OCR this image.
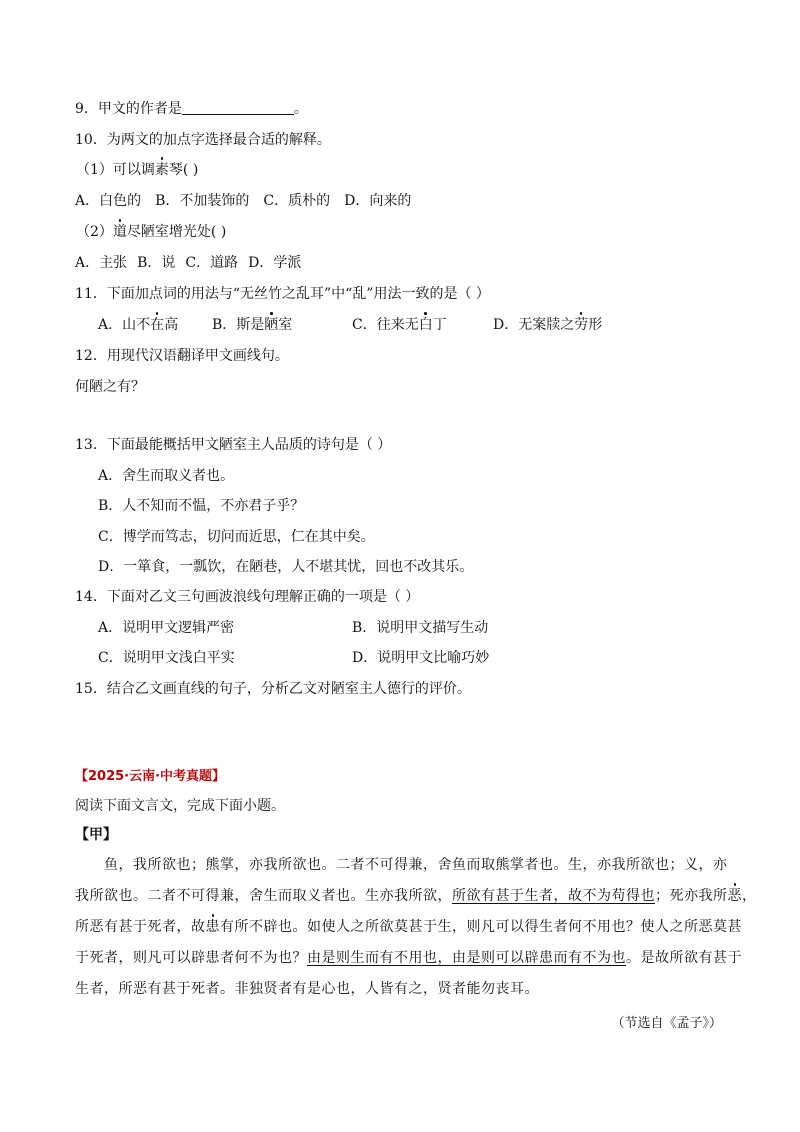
9．甲文的作者是	。
10．为两文的加点字选择最合适的解释。
（1）可以调素琴( )
A．白色的 B．不加装饰的 C．质朴的 D．向来的
（2）道尽陋室增光处( )
A．主张 B．说 C．道路 D．学派
11．下面加点词的用法与“无丝竹之乱耳”中“乱”用法一致的是（ ）
A．山不在高 B．斯是陋室	C．往来无白丁	D．无案牍之劳形
12．用现代汉语翻译甲文画线句。
何陋之有？
13．下面最能概括甲文陋室主人品质的诗句是（ ）
A．舍生而取义者也。
B．人不知而不愠，不亦君子乎？
C．博学而笃志，切问而近思，仁在其中矣。
D．一箪食，一瓢饮，在陋巷，人不堪其忧，回也不改其乐。
14．下面对乙文三句画波浪线句理解正确的一项是（ ）
A．说明甲文逻辑严密	B．说明甲文描写生动
C．说明甲文浅白平实	D．说明甲文比喻巧妙
15．结合乙文画直线的句子，分析乙文对陋室主人德行的评价。
【2025·云南·中考真题】
阅读下面文言文，完成下面小题。
【甲】
鱼，我所欲也；熊掌，亦我所欲也。二者不可得兼，舍鱼而取熊掌者也。生，亦我所欲也；义，亦
我所欲也。二者不可得兼，舍生而取义者也。生亦我所欲，所欲有甚于生者，故不为苟得也；死亦我所恶，
所恶有甚于死者，故患有所不辟也。如使人之所欲莫甚于生，则凡可以得生者何不用也？使人之所恶莫甚
于死者，则凡可以辟患者何不为也？由是则生而有不用也，由是则可以辟患而有不为也。是故所欲有甚于
生者，所恶有甚于死者。非独贤者有是心也，人皆有之，贤者能勿丧耳。
（节选自《孟子》）
